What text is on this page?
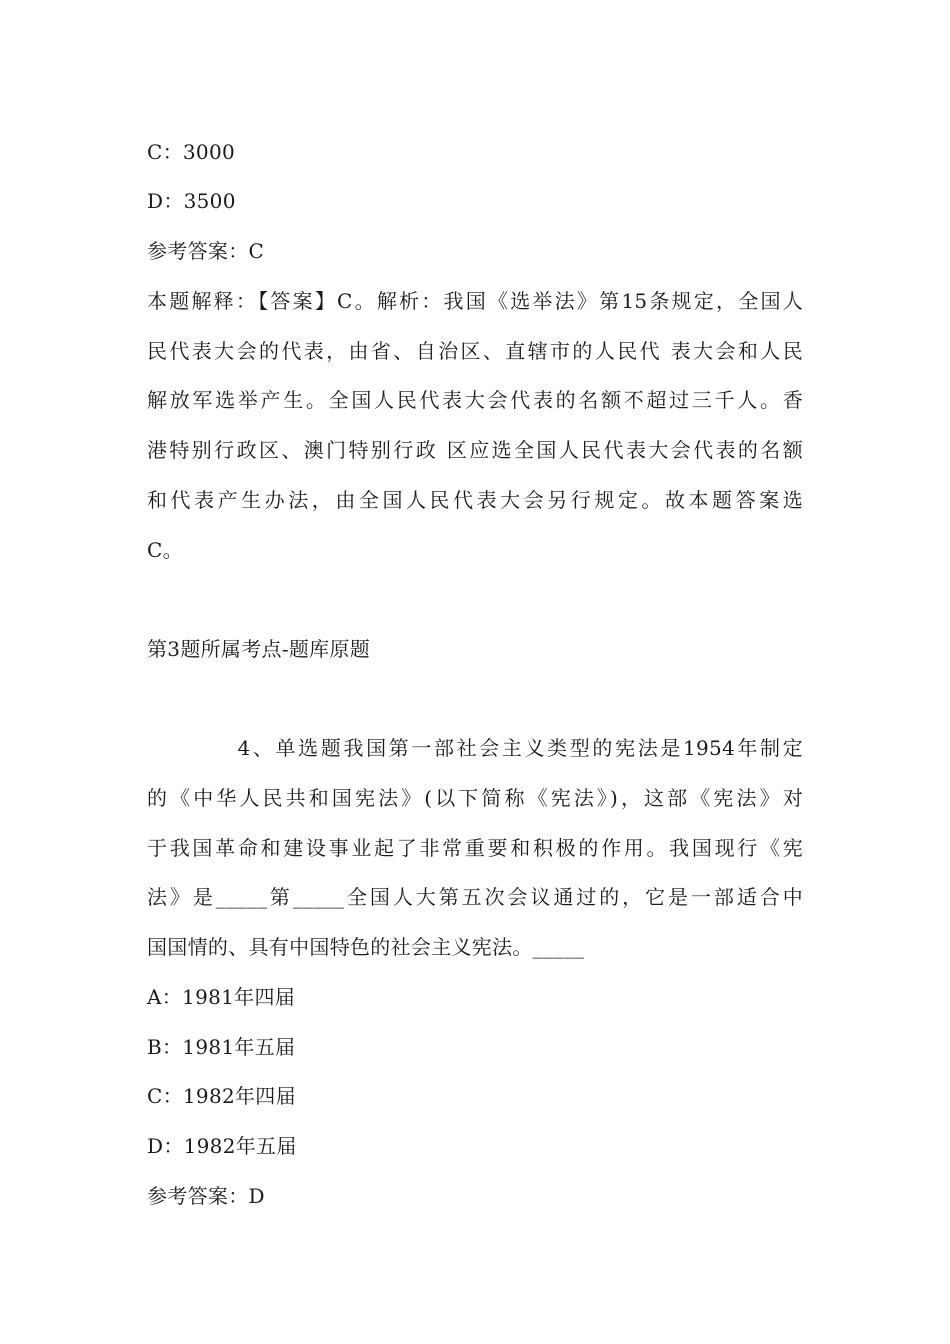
C：3000
D：3500
参考答案：C
本题解释：【答案】C。解析：我国《选举法》第15条规定，全国人
民代表大会的代表，由省、自治区、直辖市的人民代 表大会和人民
解放军选举产生。全国人民代表大会代表的名额不超过三千人。香
港特别行政区、澳门特别行政 区应选全国人民代表大会代表的名额
和代表产生办法，由全国人民代表大会另行规定。故本题答案选
C。
第3题所属考点-题库原题
　　　　4、单选题我国第一部社会主义类型的宪法是1954年制定
的《中华人民共和国宪法》(以下简称《宪法》)，这部《宪法》对
于我国革命和建设事业起了非常重要和积极的作用。我国现行《宪
法》是_____第_____全国人大第五次会议通过的，它是一部适合中
国国情的、具有中国特色的社会主义宪法。_____
A：1981年四届
B：1981年五届
C：1982年四届
D：1982年五届
参考答案：D
